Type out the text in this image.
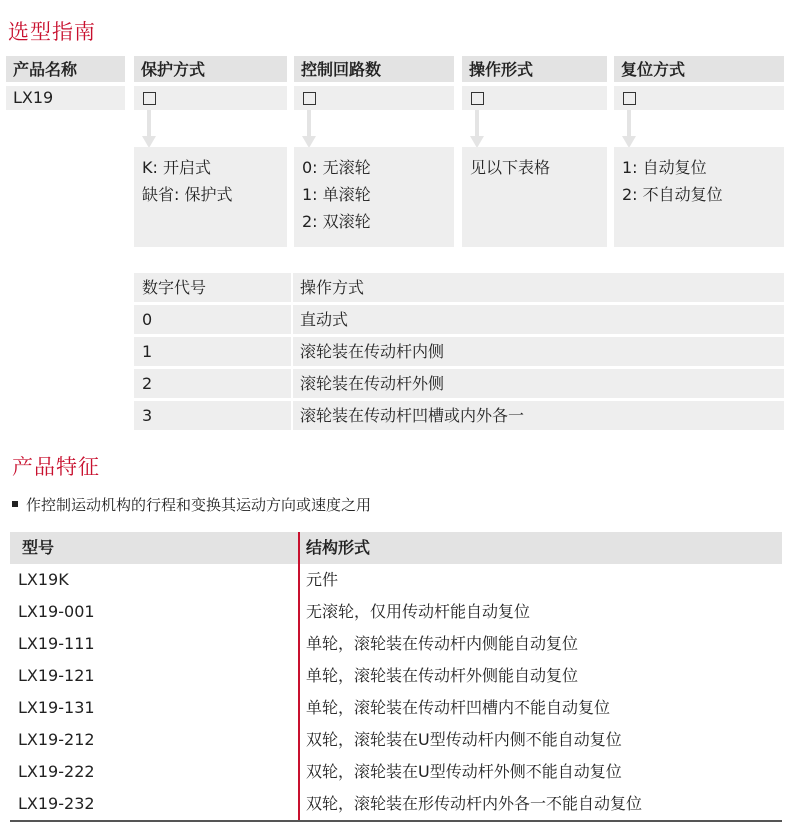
选型指南
产品名称	保护方式	控制回路数	操作形式	复位方式
LX19
K: 开启式
缺省: 保护式
0: 无滚轮
1: 单滚轮
2: 双滚轮
见以下表格	1: 自动复位
2: 不自动复位
数字代号	操作方式
0	直动式
1	滚轮装在传动杆内侧
2	滚轮装在传动杆外侧
3	滚轮装在传动杆凹槽或内外各一
产品特征
作控制运动机构的行程和变换其运动方向或速度之用
型号	结构形式
LX19K	元件
LX19-001	无滚轮，仅用传动杆能自动复位
LX19-111	单轮，滚轮装在传动杆内侧能自动复位
LX19-121	单轮，滚轮装在传动杆外侧能自动复位
LX19-131	单轮，滚轮装在传动杆凹槽内不能自动复位
LX19-212	双轮，滚轮装在U型传动杆内侧不能自动复位
LX19-222	双轮，滚轮装在U型传动杆外侧不能自动复位
LX19-232	双轮，滚轮装在形传动杆内外各一不能自动复位
